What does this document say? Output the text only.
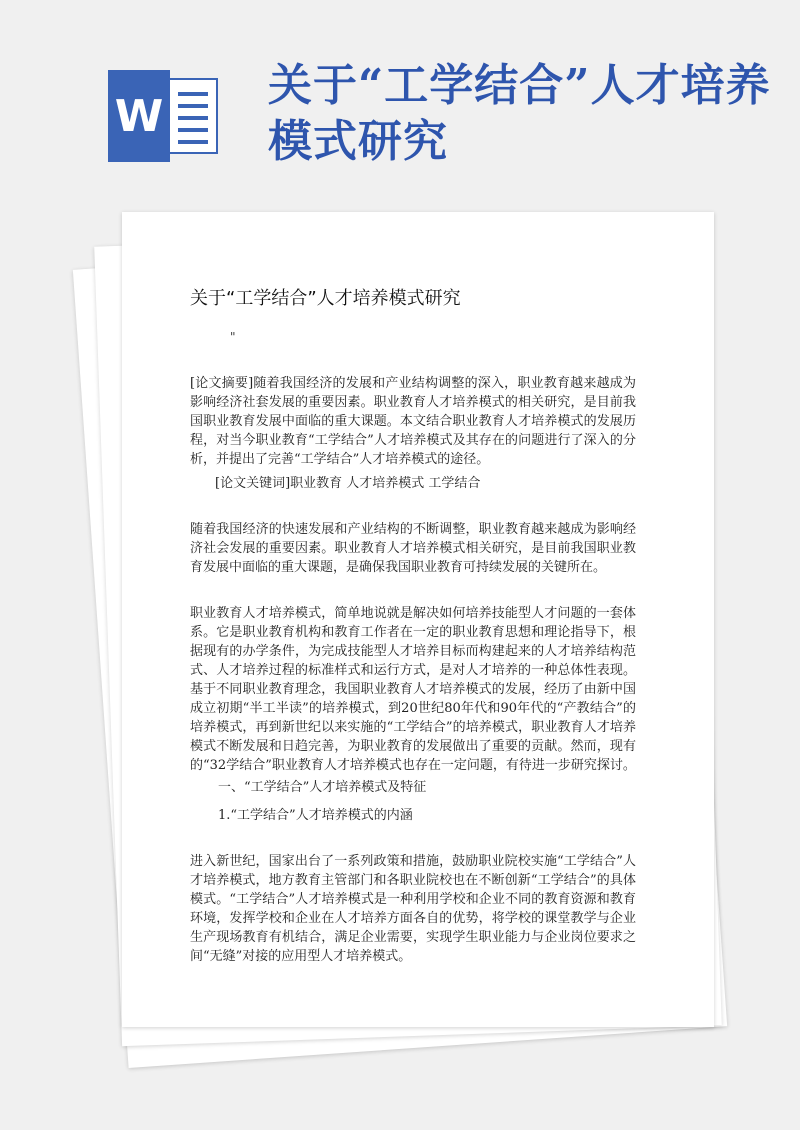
W
关于“工学结合”人才培养模式研究
关于“工学结合”人才培养模式研究
"
[论文摘要]随着我国经济的发展和产业结构调整的深入，职业教育越来越成为影响经济社套发展的重要因素。职业教育人才培养模式的相关研究，是目前我国职业教育发展中面临的重大课题。本文结合职业教育人才培养模式的发展历程，对当今职业教育“工学结合”人才培养模式及其存在的问题进行了深入的分析，并提出了完善“工学结合”人才培养模式的途径。
[论文关键词]职业教育 人才培养模式 工学结合
随着我国经济的快速发展和产业结构的不断调整，职业教育越来越成为影响经济社会发展的重要因素。职业教育人才培养模式相关研究，是目前我国职业教育发展中面临的重大课题，是确保我国职业教育可持续发展的关键所在。
职业教育人才培养模式，简单地说就是解决如何培养技能型人才问题的一套体系。它是职业教育机构和教育工作者在一定的职业教育思想和理论指导下，根据现有的办学条件，为完成技能型人才培养目标而构建起来的人才培养结构范式、人才培养过程的标准样式和运行方式，是对人才培养的一种总体性表现。基于不同职业教育理念，我国职业教育人才培养模式的发展，经历了由新中国成立初期“半工半读”的培养模式，到20世纪80年代和90年代的“产教结合”的培养模式，再到新世纪以来实施的“工学结合”的培养模式，职业教育人才培养模式不断发展和日趋完善，为职业教育的发展做出了重要的贡献。然而，现有的“32学结合”职业教育人才培养模式也存在一定问题，有待进一步研究探讨。
一、“工学结合”人才培养模式及特征
1.“工学结合”人才培养模式的内涵
进入新世纪，国家出台了一系列政策和措施，鼓励职业院校实施“工学结合”人才培养模式，地方教育主管部门和各职业院校也在不断创新“工学结合”的具体模式。“工学结合”人才培养模式是一种利用学校和企业不同的教育资源和教育环境，发挥学校和企业在人才培养方面各自的优势，将学校的课堂教学与企业生产现场教育有机结合，满足企业需要，实现学生职业能力与企业岗位要求之间“无缝”对接的应用型人才培养模式。
